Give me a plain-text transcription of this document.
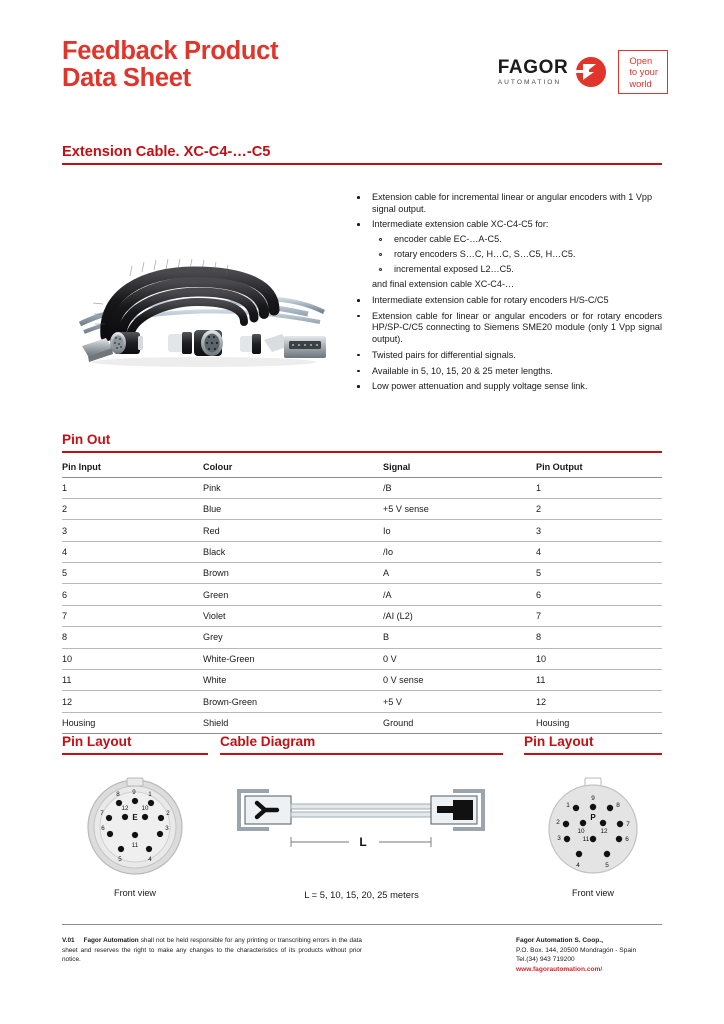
Feedback Product
Data Sheet	FAGOR
AUTOMATION
Open
to your
world
Extension Cable. XC-C4-…-C5
Extension cable for incremental linear or angular encoders with 1 Vpp signal output.
Intermediate extension cable XC-C4-C5 for:
encoder cable EC-…A-C5.
rotary encoders S…C, H…C, S…C5, H…C5.
incremental exposed L2…C5.
and final extension cable XC-C4-…
Intermediate extension cable for rotary encoders H/S-C/C5
Extension cable for linear or angular encoders or for rotary encoders HP/SP-C/C5 connecting to Siemens SME20 module (only 1 Vpp signal output).
Twisted pairs for differential signals.
Available in 5, 10, 15, 20 & 25 meter lengths.
Low power attenuation and supply voltage sense link.
Pin Out
Pin Input	Colour	Signal	Pin Output
1	Pink	/B	1
2	Blue	+5 V sense	2
3	Red	Io	3
4	Black	/Io	4
5	Brown	A	5
6	Green	/A	6
7	Violet	/AI (L2)	7
8	Grey	B	8
10	White-Green	0 V	10
11	White	0 V sense	11
12	Brown-Green	+5 V	12
Housing	Shield	Ground	Housing
Pin Layout
8 9 1
7
12 10
2
6
11
3
5	4
E
Front view
Cable Diagram
L
L = 5, 10, 15, 20, 25 meters
Pin Layout
1
9
8
2
10 12
7
3	11	6
4	5
P
Front view
V.01 Fagor Automation shall not be held responsible for any printing or transcribing errors in the data sheet and reserves the right to make any changes to the characteristics of its products without prior notice.
Fagor Automation S. Coop.,
P.O. Box. 144, 20500 Mondragón - Spain
Tel.(34) 943 719200
www.fagorautomation.com/
